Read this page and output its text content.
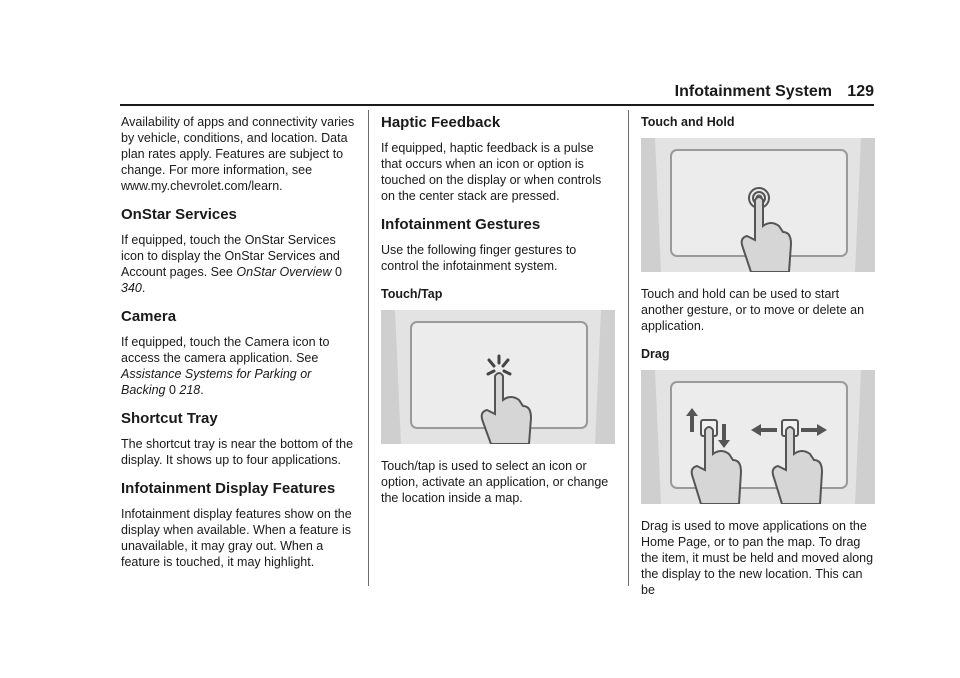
Infotainment System 129

Availability of apps and connectivity varies by vehicle, conditions, and location. Data plan rates apply. Features are subject to change. For more information, see www.my.chevrolet.com/learn.

OnStar Services

If equipped, touch the OnStar Services icon to display the OnStar Services and Account pages. See OnStar Overview 0 340.

Camera

If equipped, touch the Camera icon to access the camera application. See Assistance Systems for Parking or Backing 0 218.

Shortcut Tray

The shortcut tray is near the bottom of the display. It shows up to four applications.

Infotainment Display Features

Infotainment display features show on the display when available. When a feature is unavailable, it may gray out. When a feature is touched, it may highlight.

Haptic Feedback

If equipped, haptic feedback is a pulse that occurs when an icon or option is touched on the display or when controls on the center stack are pressed.

Infotainment Gestures

Use the following finger gestures to control the infotainment system.

Touch/Tap

Touch/tap is used to select an icon or option, activate an application, or change the location inside a map.

Touch and Hold

Touch and hold can be used to start another gesture, or to move or delete an application.

Drag

Drag is used to move applications on the Home Page, or to pan the map. To drag the item, it must be held and moved along the display to the new location. This can be
